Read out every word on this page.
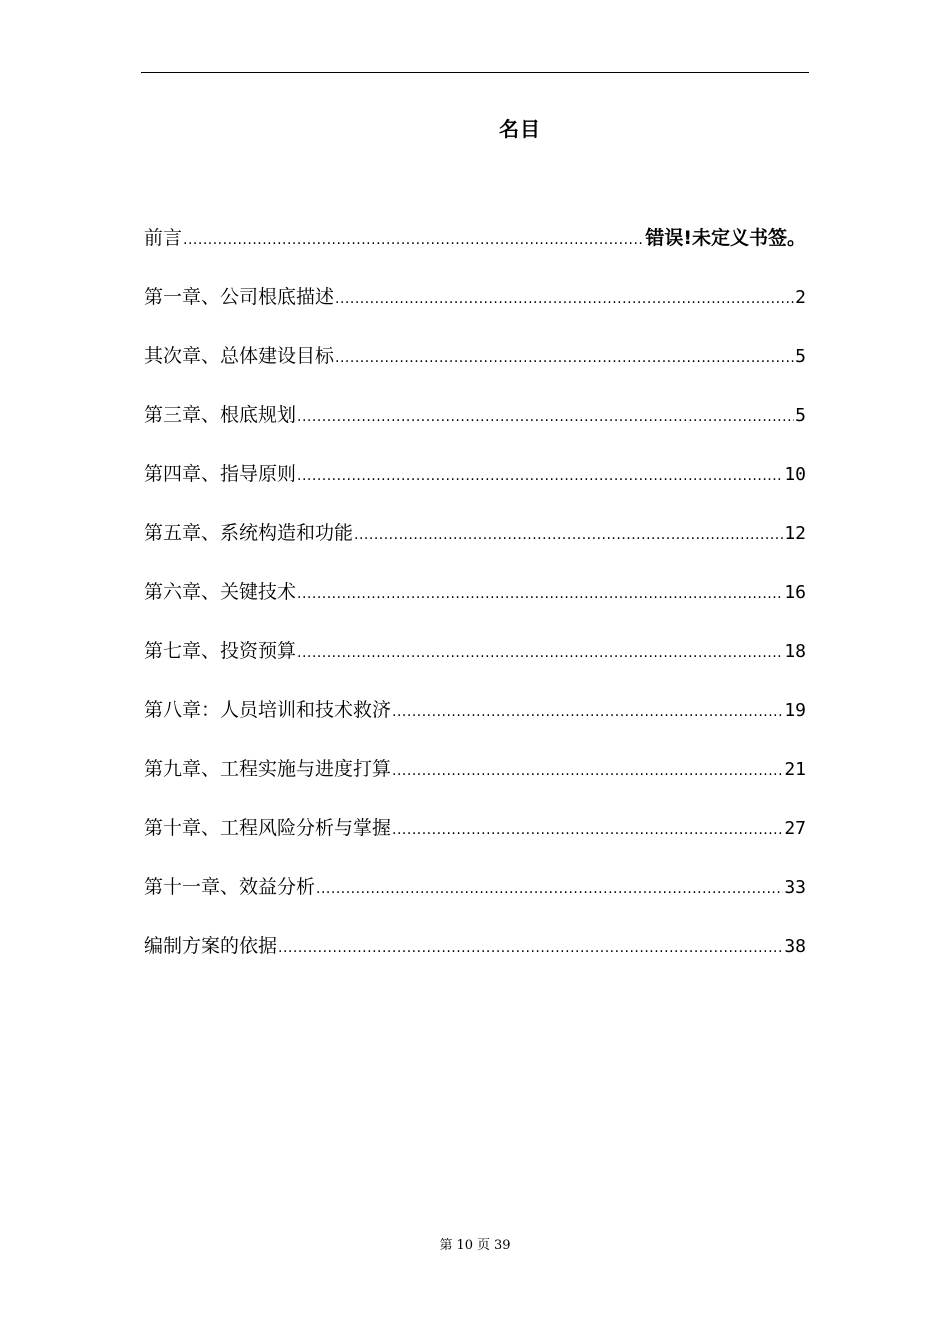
名目
前言 .....	错误!未定义书签。
第一章、公司根底描述 .....	2
其次章、总体建设目标 .....	5
第三章、根底规划 .....	5
第四章、指导原则 .....	10
第五章、系统构造和功能 .....	12
第六章、关键技术 .....	16
第七章、投资预算 .....	18
第八章：人员培训和技术救济 .....	19
第九章、工程实施与进度打算 .....	21
第十章、工程风险分析与掌握 .....	27
第十一章、效益分析 .....	33
编制方案的依据 .....	38
第 10 页 39
